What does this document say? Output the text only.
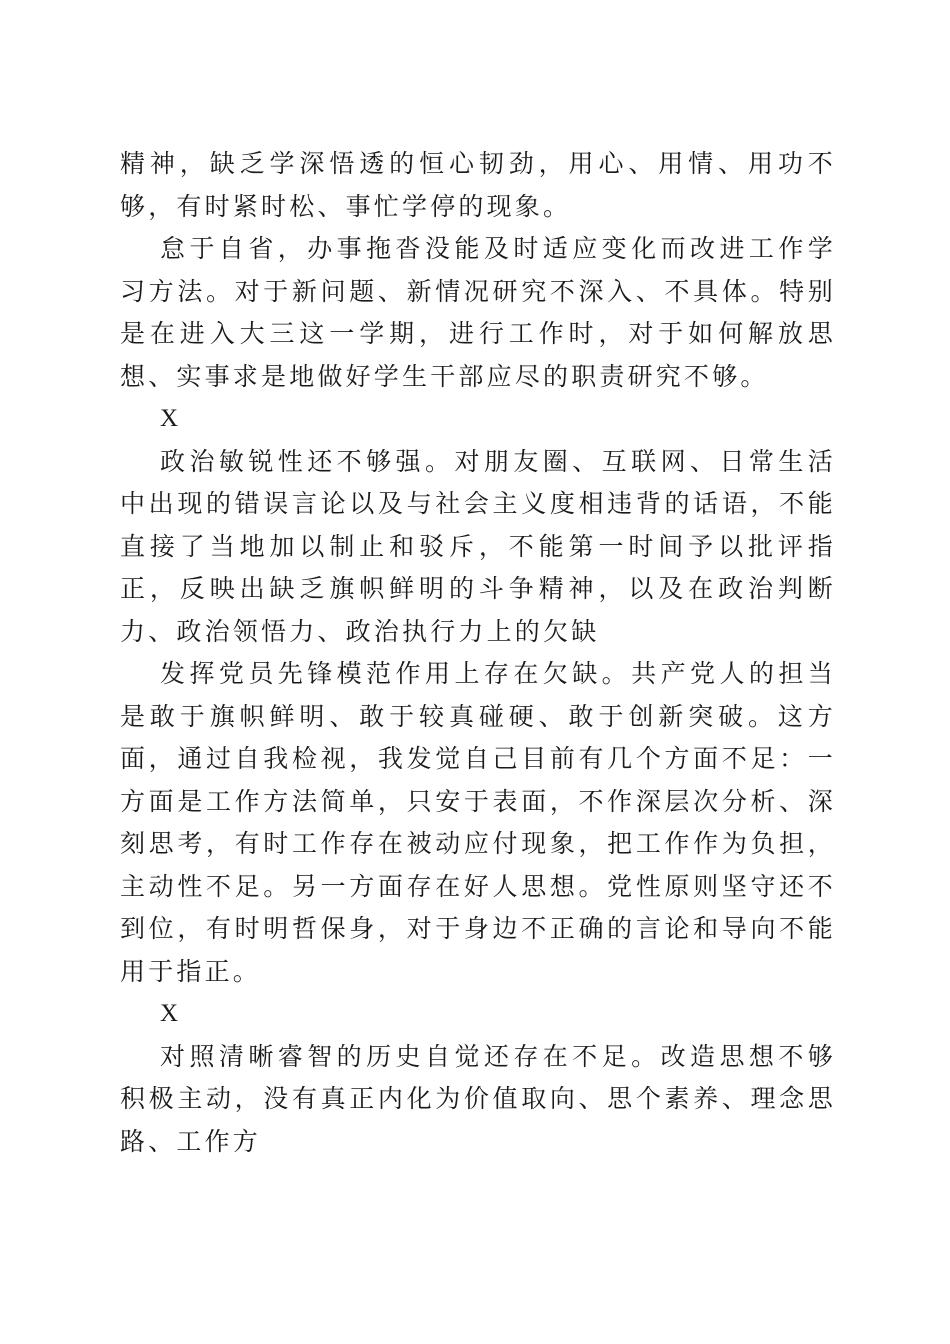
精神，缺乏学深悟透的恒心韧劲，用心、用情、用功不够，有时紧时松、事忙学停的现象。

怠于自省，办事拖沓没能及时适应变化而改进工作学习方法。对于新问题、新情况研究不深入、不具体。特别是在进入大三这一学期，进行工作时，对于如何解放思想、实事求是地做好学生干部应尽的职责研究不够。

X

政治敏锐性还不够强。对朋友圈、互联网、日常生活中出现的错误言论以及与社会主义度相违背的话语，不能直接了当地加以制止和驳斥，不能第一时间予以批评指正，反映出缺乏旗帜鲜明的斗争精神，以及在政治判断力、政治领悟力、政治执行力上的欠缺

发挥党员先锋模范作用上存在欠缺。共产党人的担当是敢于旗帜鲜明、敢于较真碰硬、敢于创新突破。这方面，通过自我检视，我发觉自己目前有几个方面不足：一方面是工作方法简单，只安于表面，不作深层次分析、深刻思考，有时工作存在被动应付现象，把工作作为负担，主动性不足。另一方面存在好人思想。党性原则坚守还不到位，有时明哲保身，对于身边不正确的言论和导向不能用于指正。

X

对照清晰睿智的历史自觉还存在不足。改造思想不够积极主动，没有真正内化为价值取向、思个素养、理念思路、工作方
